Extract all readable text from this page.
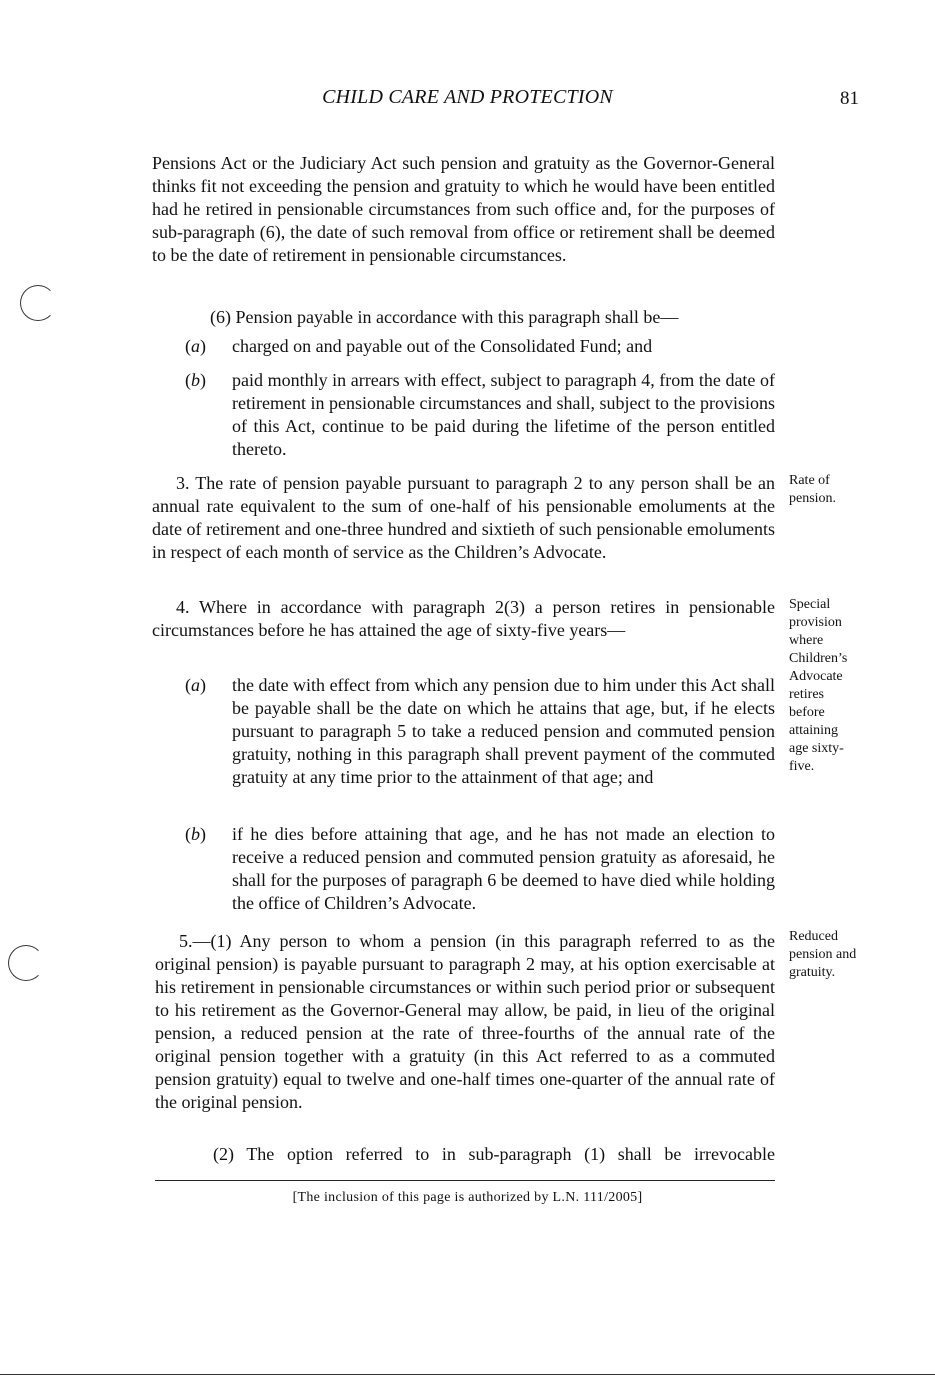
CHILD CARE AND PROTECTION	81
Pensions Act or the Judiciary Act such pension and gratuity as the Governor-General thinks fit not exceeding the pension and gratuity to which he would have been entitled had he retired in pensionable circumstances from such office and, for the purposes of sub-paragraph (6), the date of such removal from office or retirement shall be deemed to be the date of retirement in pensionable circumstances.
(6) Pension payable in accordance with this paragraph shall be—
(a) charged on and payable out of the Consolidated Fund; and
(b) paid monthly in arrears with effect, subject to paragraph 4, from the date of retirement in pensionable circumstances and shall, subject to the provisions of this Act, continue to be paid during the lifetime of the person entitled thereto.
3. The rate of pension payable pursuant to paragraph 2 to any person shall be an annual rate equivalent to the sum of one-half of his pensionable emoluments at the date of retirement and one-three hundred and sixtieth of such pensionable emoluments in respect of each month of service as the Children’s Advocate.
Rate of
pension.
4. Where in accordance with paragraph 2(3) a person retires in pensionable circumstances before he has attained the age of sixty-five years—
Special
provision
where
Children’s
Advocate
retires
before
attaining
age sixty-
five.
(a) the date with effect from which any pension due to him under this Act shall be payable shall be the date on which he attains that age, but, if he elects pursuant to paragraph 5 to take a reduced pension and commuted pension gratuity, nothing in this paragraph shall prevent payment of the commuted gratuity at any time prior to the attainment of that age; and
(b) if he dies before attaining that age, and he has not made an election to receive a reduced pension and commuted pension gratuity as aforesaid, he shall for the purposes of paragraph 6 be deemed to have died while holding the office of Children’s Advocate.
5.—(1) Any person to whom a pension (in this paragraph referred to as the original pension) is payable pursuant to paragraph 2 may, at his option exercisable at his retirement in pensionable circumstances or within such period prior or subsequent to his retirement as the Governor-General may allow, be paid, in lieu of the original pension, a reduced pension at the rate of three-fourths of the annual rate of the original pension together with a gratuity (in this Act referred to as a commuted pension gratuity) equal to twelve and one-half times one-quarter of the annual rate of the original pension.
Reduced
pension and
gratuity.
(2) The option referred to in sub-paragraph (1) shall be irrevocable
[The inclusion of this page is authorized by L.N. 111/2005]
